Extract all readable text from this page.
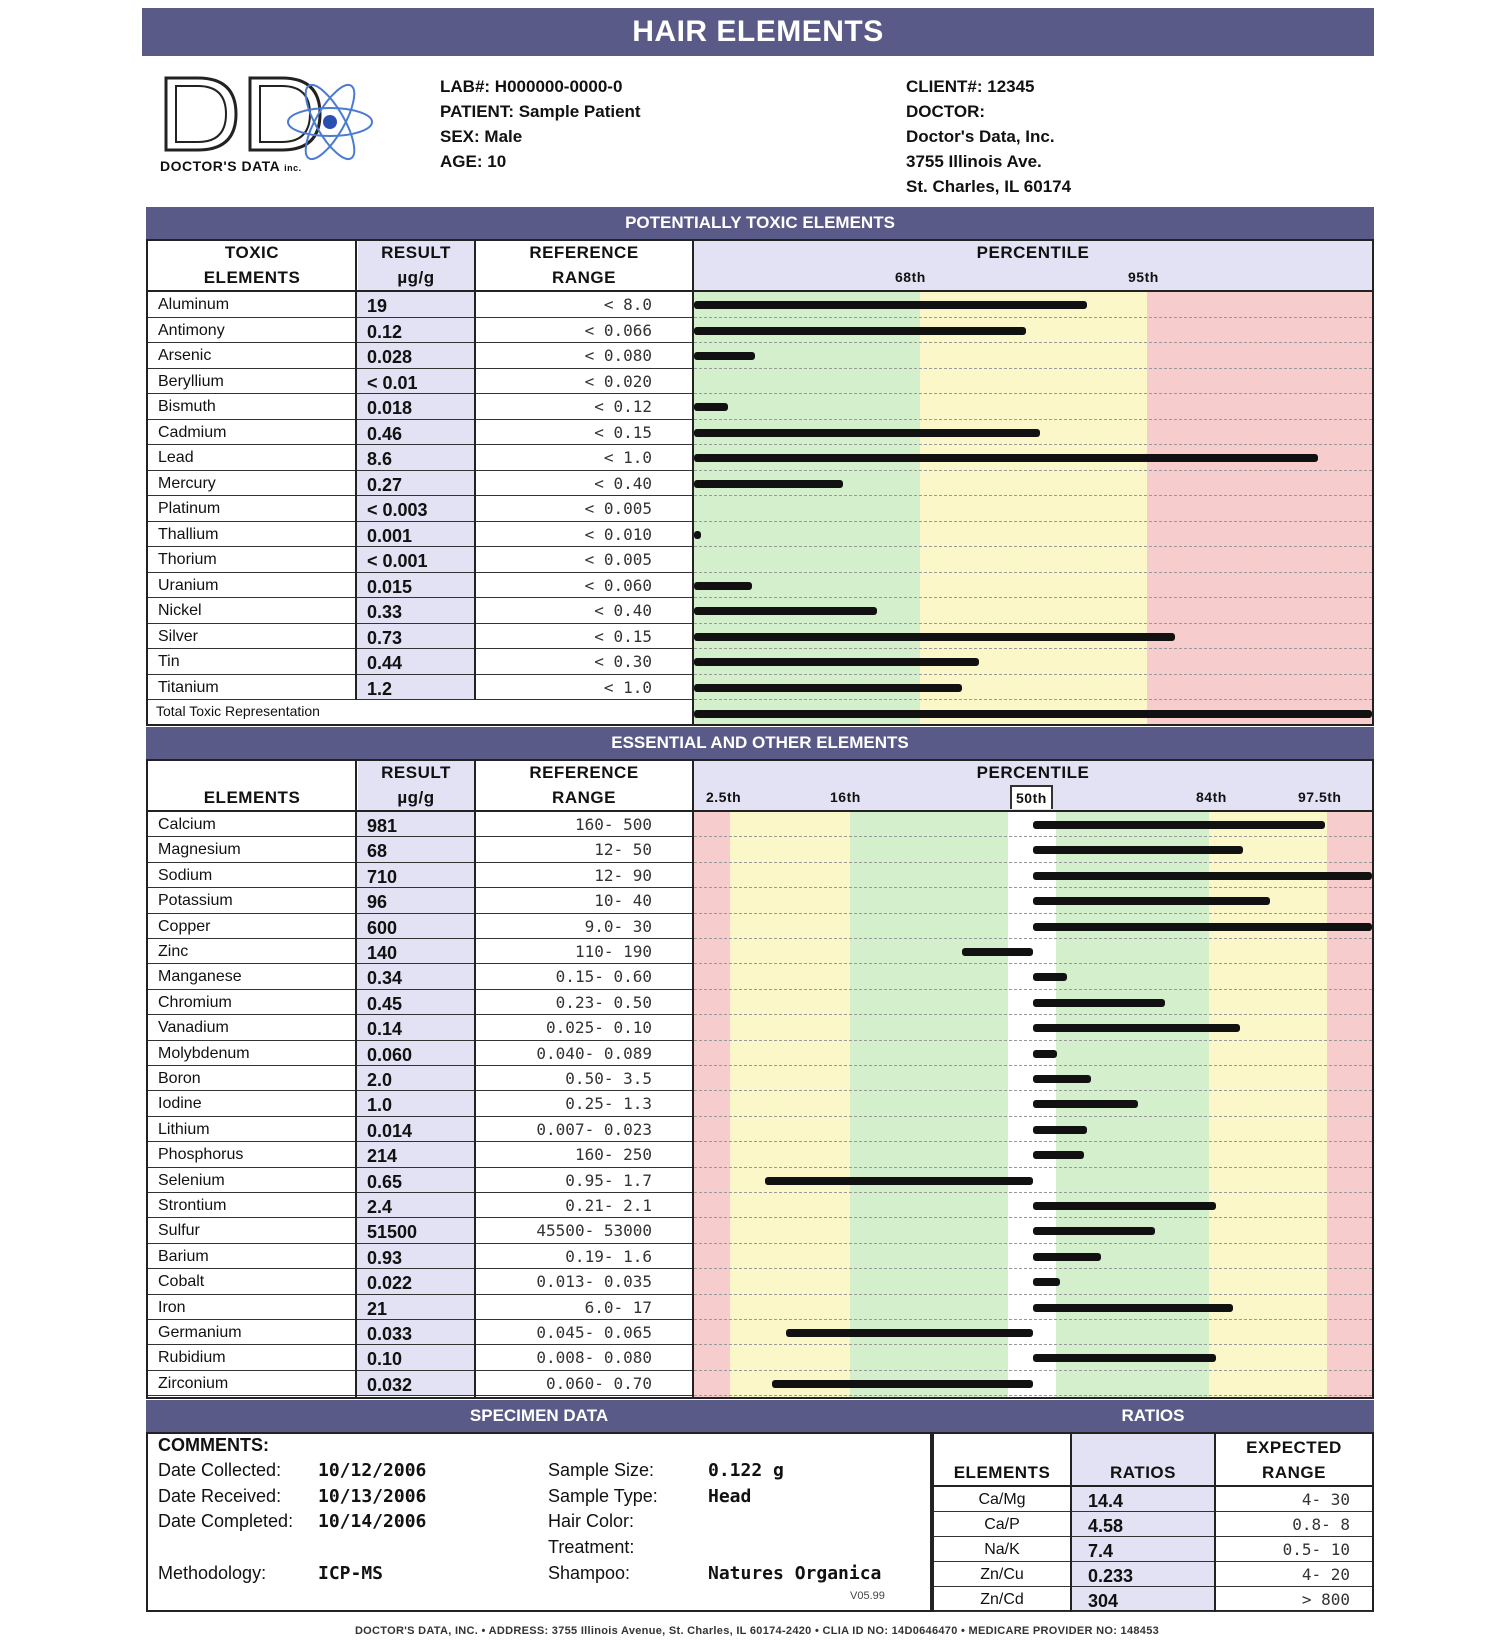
HAIR ELEMENTS
DOCTOR'S DATA inc.
LAB#: H000000-0000-0
PATIENT: Sample Patient
SEX: Male
AGE: 10
CLIENT#: 12345
DOCTOR:
Doctor's Data, Inc.
3755 Illinois Ave.
St. Charles, IL 60174
POTENTIALLY TOXIC ELEMENTS
TOXIC
ELEMENTS
RESULT
µg/g
REFERENCE
RANGE
PERCENTILE
68th	95th
Aluminum	19	< 8.0
Antimony	0.12	< 0.066
Arsenic	0.028	< 0.080
Beryllium	< 0.01	< 0.020
Bismuth	0.018	< 0.12
Cadmium	0.46	< 0.15
Lead	8.6	< 1.0
Mercury	0.27	< 0.40
Platinum	< 0.003	< 0.005
Thallium	0.001	< 0.010
Thorium	< 0.001	< 0.005
Uranium	0.015	< 0.060
Nickel	0.33	< 0.40
Silver	0.73	< 0.15
Tin	0.44	< 0.30
Titanium	1.2	< 1.0
Total Toxic Representation
ESSENTIAL AND OTHER ELEMENTS
ELEMENTS
RESULT
µg/g
REFERENCE
RANGE
PERCENTILE
2.5th	16th	50th	84th	97.5th
Calcium	981	160- 500
Magnesium	68	12- 50
Sodium	710	12- 90
Potassium	96	10- 40
Copper	600	9.0- 30
Zinc	140	110- 190
Manganese	0.34	0.15- 0.60
Chromium	0.45	0.23- 0.50
Vanadium	0.14	0.025- 0.10
Molybdenum	0.060	0.040- 0.089
Boron	2.0	0.50- 3.5
Iodine	1.0	0.25- 1.3
Lithium	0.014	0.007- 0.023
Phosphorus	214	160- 250
Selenium	0.65	0.95- 1.7
Strontium	2.4	0.21- 2.1
Sulfur	51500	45500- 53000
Barium	0.93	0.19- 1.6
Cobalt	0.022	0.013- 0.035
Iron	21	6.0- 17
Germanium	0.033	0.045- 0.065
Rubidium	0.10	0.008- 0.080
Zirconium	0.032	0.060- 0.70
SPECIMEN DATA
COMMENTS:
Date Collected: 10/12/2006
Date Received: 10/13/2006
Date Completed: 10/14/2006
Methodology:	ICP-MS
Sample Size:	0.122 g
Sample Type:	Head
Hair Color:
Treatment:
Shampoo:	Natures Organica
V05.99
RATIOS
ELEMENTS	RATIOS
EXPECTED
RANGE
Ca/Mg	14.4	4- 30
Ca/P	4.58	0.8- 8
Na/K	7.4	0.5- 10
Zn/Cu	0.233	4- 20
Zn/Cd	304	> 800
DOCTOR'S DATA, INC. • ADDRESS: 3755 Illinois Avenue, St. Charles, IL 60174-2420 • CLIA ID NO: 14D0646470 • MEDICARE PROVIDER NO: 148453
